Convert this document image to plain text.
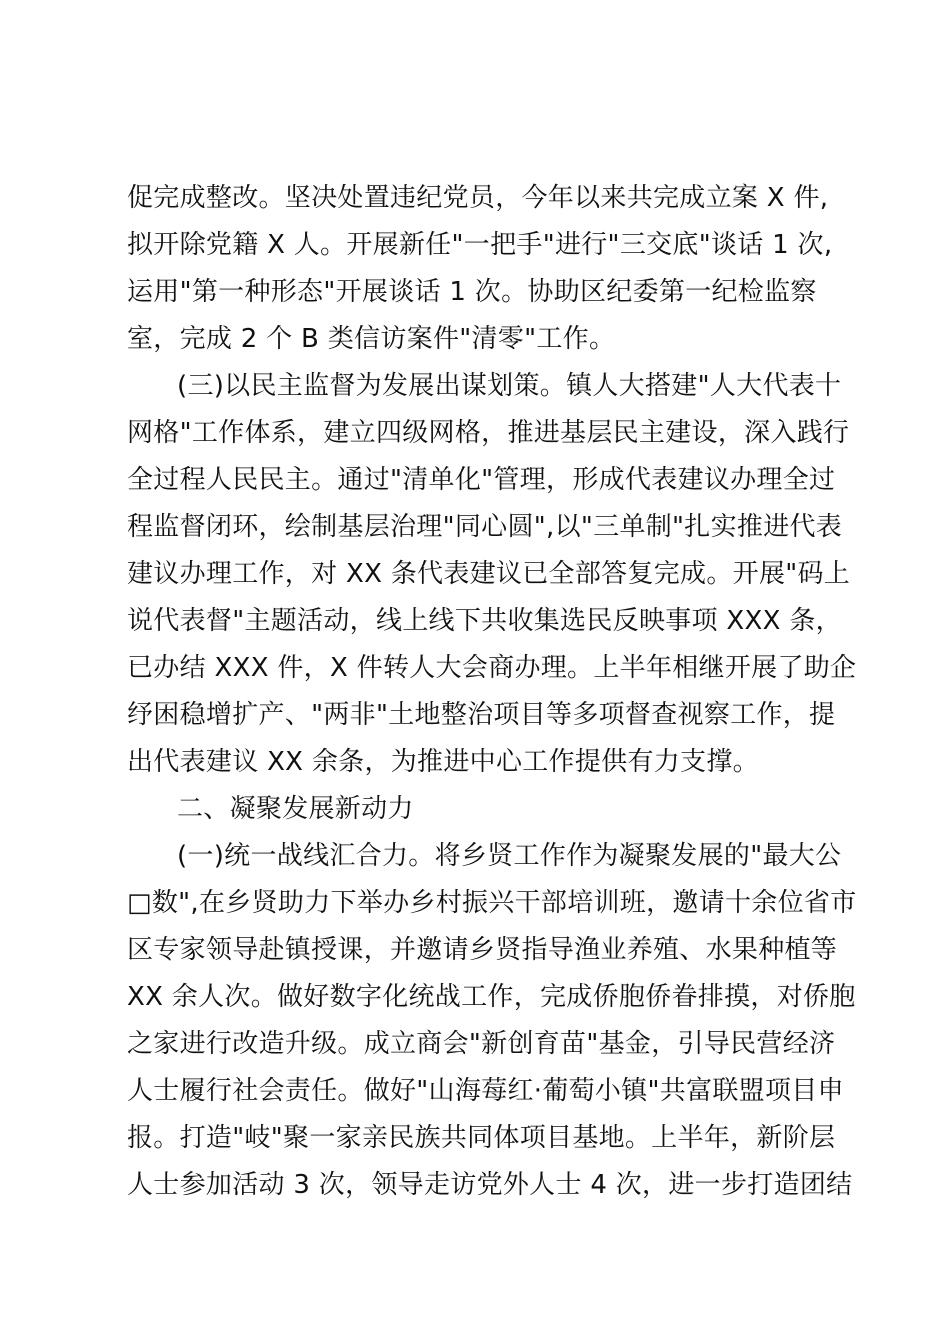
促完成整改。坚决处置违纪党员，今年以来共完成立案 X 件,
拟开除党籍 X 人。开展新任"一把手"进行"三交底"谈话 1 次,
运用"第一种形态"开展谈话 1 次。协助区纪委第一纪检监察
室，完成 2 个 B 类信访案件"清零"工作。
(三)以民主监督为发展出谋划策。镇人大搭建"人大代表十
网格"工作体系，建立四级网格，推进基层民主建设，深入践行
全过程人民民主。通过"清单化"管理，形成代表建议办理全过
程监督闭环，绘制基层治理"同心圆",以"三单制"扎实推进代表
建议办理工作，对 XX 条代表建议已全部答复完成。开展"码上
说代表督"主题活动，线上线下共收集选民反映事项 XXX 条，
已办结 XXX 件，X 件转人大会商办理。上半年相继开展了助企
纾困稳增扩产、"两非"土地整治项目等多项督查视察工作，提
出代表建议 XX 余条，为推进中心工作提供有力支撑。
二、凝聚发展新动力
(一)统一战线汇合力。将乡贤工作作为凝聚发展的"最大公
□数",在乡贤助力下举办乡村振兴干部培训班，邀请十余位省市
区专家领导赴镇授课，并邀请乡贤指导渔业养殖、水果种植等
XX 余人次。做好数字化统战工作，完成侨胞侨眷排摸，对侨胞
之家进行改造升级。成立商会"新创育苗"基金，引导民营经济
人士履行社会责任。做好"山海莓红·葡萄小镇"共富联盟项目申
报。打造"岐"聚一家亲民族共同体项目基地。上半年，新阶层
人士参加活动 3 次，领导走访党外人士 4 次，进一步打造团结
